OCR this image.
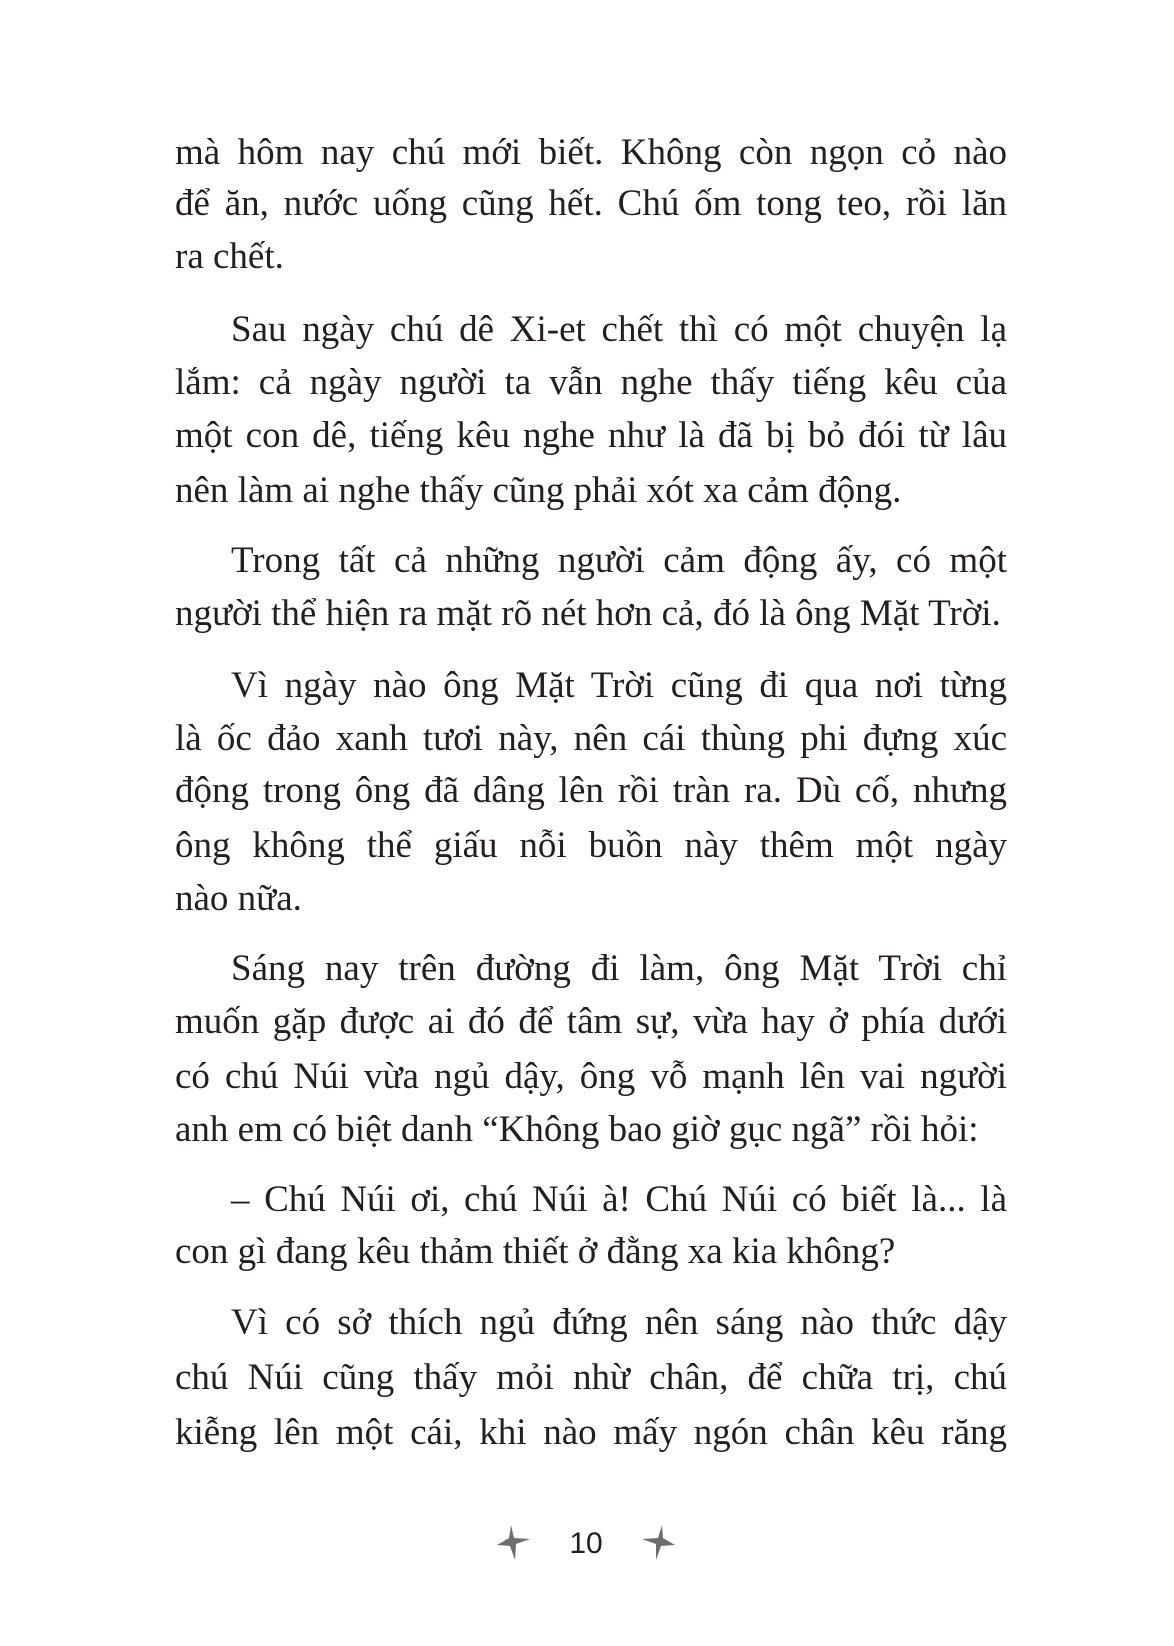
mà hôm nay chú mới biết. Không còn ngọn cỏ nào
để ăn, nước uống cũng hết. Chú ốm tong teo, rồi lăn
ra chết.
Sau ngày chú dê Xi-et chết thì có một chuyện lạ
lắm: cả ngày người ta vẫn nghe thấy tiếng kêu của
một con dê, tiếng kêu nghe như là đã bị bỏ đói từ lâu
nên làm ai nghe thấy cũng phải xót xa cảm động.
Trong tất cả những người cảm động ấy, có một
người thể hiện ra mặt rõ nét hơn cả, đó là ông Mặt Trời.
Vì ngày nào ông Mặt Trời cũng đi qua nơi từng
là ốc đảo xanh tươi này, nên cái thùng phi đựng xúc
động trong ông đã dâng lên rồi tràn ra. Dù cố, nhưng
ông không thể giấu nỗi buồn này thêm một ngày
nào nữa.
Sáng nay trên đường đi làm, ông Mặt Trời chỉ
muốn gặp được ai đó để tâm sự, vừa hay ở phía dưới
có chú Núi vừa ngủ dậy, ông vỗ mạnh lên vai người
anh em có biệt danh “Không bao giờ gục ngã” rồi hỏi:
– Chú Núi ơi, chú Núi à! Chú Núi có biết là... là
con gì đang kêu thảm thiết ở đằng xa kia không?
Vì có sở thích ngủ đứng nên sáng nào thức dậy
chú Núi cũng thấy mỏi nhừ chân, để chữa trị, chú
kiễng lên một cái, khi nào mấy ngón chân kêu răng
10
